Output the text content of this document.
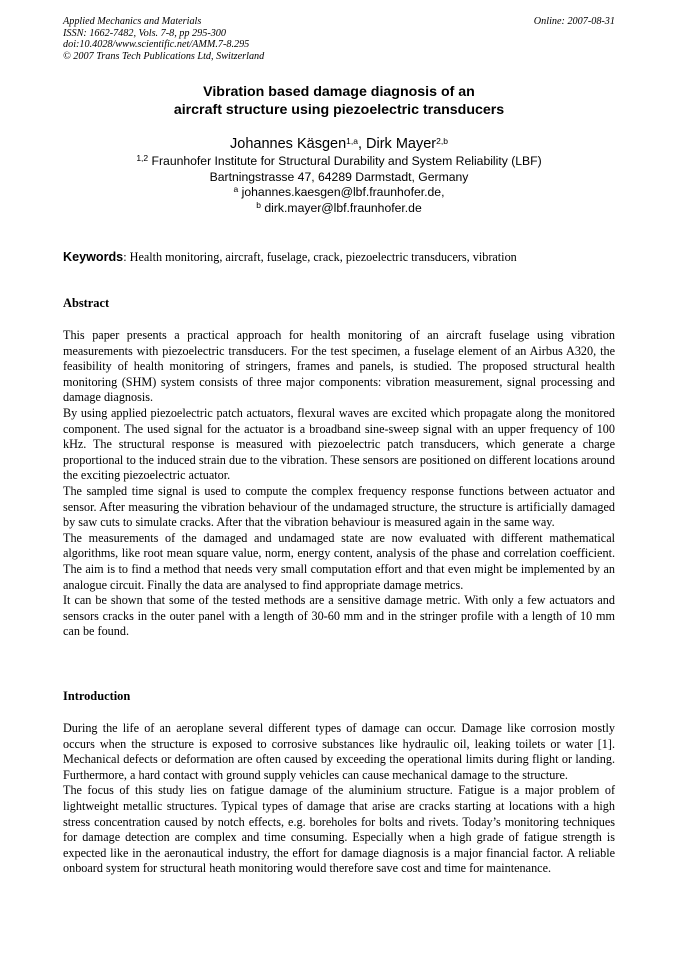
Applied Mechanics and Materials
ISSN: 1662-7482, Vols. 7-8, pp 295-300
doi:10.4028/www.scientific.net/AMM.7-8.295
© 2007 Trans Tech Publications Ltd, Switzerland
Online: 2007-08-31
Vibration based damage diagnosis of an
aircraft structure using piezoelectric transducers
Johannes Käsgen$^{1,a}$, Dirk Mayer$^{2,b}$
$^{1,2}$ Fraunhofer Institute for Structural Durability and System Reliability (LBF)
Bartningstrasse 47, 64289 Darmstadt, Germany
$^a$ johannes.kaesgen@lbf.fraunhofer.de,
$^b$ dirk.mayer@lbf.fraunhofer.de
Keywords: Health monitoring, aircraft, fuselage, crack, piezoelectric transducers, vibration
Abstract

This paper presents a practical approach for health monitoring of an aircraft fuselage using vibration measurements with piezoelectric transducers. For the test specimen, a fuselage element of an Airbus A320, the feasibility of health monitoring of stringers, frames and panels, is studied. The proposed structural health monitoring (SHM) system consists of three major components: vibration measurement, signal processing and damage diagnosis.

By using applied piezoelectric patch actuators, flexural waves are excited which propagate along the monitored component. The used signal for the actuator is a broadband sine-sweep signal with an upper frequency of 100 kHz. The structural response is measured with piezoelectric patch transducers, which generate a charge proportional to the induced strain due to the vibration. These sensors are positioned on different locations around the exciting piezoelectric actuator.

The sampled time signal is used to compute the complex frequency response functions between actuator and sensor. After measuring the vibration behaviour of the undamaged structure, the structure is artificially damaged by saw cuts to simulate cracks. After that the vibration behaviour is measured again in the same way.

The measurements of the damaged and undamaged state are now evaluated with different mathematical algorithms, like root mean square value, norm, energy content, analysis of the phase and correlation coefficient. The aim is to find a method that needs very small computation effort and that even might be implemented by an analogue circuit. Finally the data are analysed to find appropriate damage metrics.

It can be shown that some of the tested methods are a sensitive damage metric. With only a few actuators and sensors cracks in the outer panel with a length of 30-60 mm and in the stringer profile with a length of 10 mm can be found.

Introduction

During the life of an aeroplane several different types of damage can occur. Damage like corrosion mostly occurs when the structure is exposed to corrosive substances like hydraulic oil, leaking toilets or water [1]. Mechanical defects or deformation are often caused by exceeding the operational limits during flight or landing. Furthermore, a hard contact with ground supply vehicles can cause mechanical damage to the structure.

The focus of this study lies on fatigue damage of the aluminium structure. Fatigue is a major problem of lightweight metallic structures. Typical types of damage that arise are cracks starting at locations with a high stress concentration caused by notch effects, e.g. boreholes for bolts and rivets. Today’s monitoring techniques for damage detection are complex and time consuming. Especially when a high grade of fatigue strength is expected like in the aeronautical industry, the effort for damage diagnosis is a major financial factor. A reliable onboard system for structural heath monitoring would therefore save cost and time for maintenance.
